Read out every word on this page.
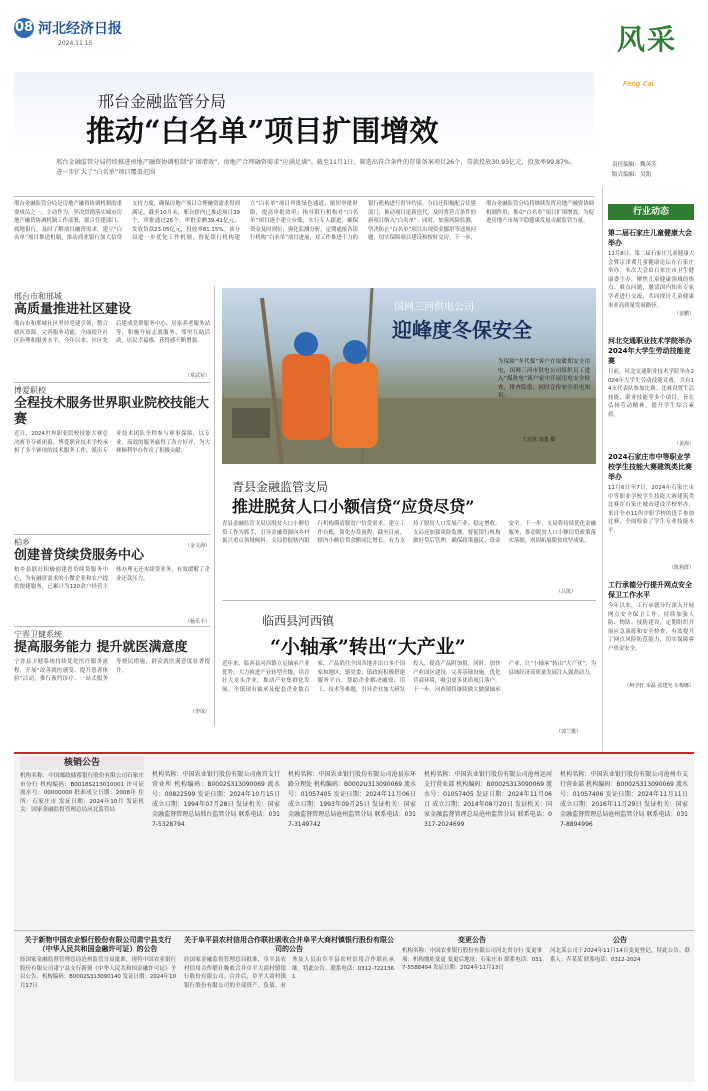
08 河北经济日报
2024.11.15	风采
Feng Cai
责任编辑：魏英芳
版式编辑：吴凯
邢台金融监管分局
推动“白名单”项目扩围增效
邢台金融监管分局持续推进房地产融资协调机制“扩围增效”，房地产合理融资需求“应满足满”。截至11月1日，筛选出符合条件的存量备案项目26个，贷款投放30.93亿元，投放率99.87%，进一步扩大了“白名单”项目覆盖范围
邢台金融监管分局是房地产融资协调机制的重要成员之一，主动作为，坚决贯彻落实城市房地产融资协调机制工作部署，联合住建部门、属地银行，及时了解项目融资需求，建立“白名单”项目推送机制，推动商业银行加大信贷支持力度，确保房地产项目合理融资需求得到满足。截至10月末，邢台辖内已推送项目39个，审批通过26个，审批金额39.41亿元，发放贷款23.05亿元，投放率81.15%。该分局进一步优化工作机制，督促银行机构建立“白名单”项目审批绿色通道，缩短审批时限，提高审批效率；指导银行机构对“白名单”项目逐个建立台账，实行专人跟进，确保资金及时到位；强化监测分析，定期通报各银行机构“白名单”项目进展，对工作推进不力的银行机构进行督导约谈。分局还积极配合住建部门，推动项目更新迭代，及时将符合条件的新项目纳入“白名单”。同时，加强风险监测，坚决防止“白名单”项目出现资金挪用等违规问题，切实保障项目建设和按时交房。下一步，邢台金融监管分局将继续发挥房地产融资协调机制作用，推动“白名单”项目扩围增效，为促进房地产市场平稳健康发展贡献监管力量。
行业动态
第二届石家庄儿童健康大会举办
11月8日，第二届石家庄儿童健康大会暨京津冀儿童健康论坛在石家庄举办。本次大会由石家庄市卫生健康委主办，聚焦儿童健康领域的热点、难点问题，邀请国内知名专家学者进行交流，共同探讨儿童健康事业高质量发展路径。
（姜鹏）
河北交通职业技术学院举办2024年大学生劳动技能竞赛
日前，河北交通职业技术学院举办2024年大学生劳动技能竞赛，共有14支代表队参加比赛。比赛设置生活技能、职业技能等多个项目，旨在弘扬劳动精神，提升学生综合素质。
（姜海）
2024石家庄市中等职业学校学生技能大赛建筑类比赛举办
11月6日至7日，2024年石家庄市中等职业学校学生技能大赛建筑类比赛在石家庄城市建设学校举办。来自全市11所中职学校的选手参加比赛，全面检验了学生专业技能水平。
（陈利群）
工行承德分行提升网点安全保卫工作水平
今年以来，工行承德分行深入开展网点安全保卫工作，持续加强人防、物防、技防建设，定期组织开展应急演练和安全检查，有效提升了网点风险防范能力，切实保障客户资金安全。
（柯学轩 朱磊 张建光 车梅娜）
邢台市和邢城
高质量推进社区建设
邢台市和邢城社区坚持党建引领，整合辖区资源，完善服务功能，全面提升社区治理和服务水平。今年以来，社区先后建成党群服务中心、居家养老服务站等，积极开展志愿服务、邻里互助活动，居民幸福感、获得感不断增强。
（常武军）
博爱职校
全程技术服务世界职业院校技能大赛
近日，2024世界职业院校技能大赛总决赛争夺赛闭幕。博爱职业技术学校承担了多个赛项的技术服务工作，派出专业技术团队全程参与赛事保障，以专业、高效的服务赢得了各方好评，为大赛顺利举办作出了积极贡献。
（金文海）
柏乡
创建普贷续贷服务中心
柏乡县联社积极创建普贷续贷服务中心，为有融资需求的小微企业和农户提供便捷服务，已累计为120余户经营主体办理无还本续贷业务，有效缓解了企业还款压力。
（杨乐平）
宁晋卫健系统
提高服务能力 提升就医满意度
宁晋县卫健系统持续优化医疗服务流程，开展“改善就医感受、提升患者体验”活动，推行预约诊疗、一站式服务等便民措施，群众就医满意度显著提升。
（李成）
国网三河供电公司
迎峰度冬保安全
为保障“冬代煤”客户在取暖期安全用电，国网三河市供电公司组织员工进入“煤改电”客户家中开展用电安全检查，排查隐患，同时宣传安全用电知识。
王启龙 刘勇 摄
青县金融监管支局
推进脱贫人口小额信贷“应贷尽贷”
青县金融监管支局以脱贫人口小额信贷工作为抓手，引导金融资源向乡村振兴重点领域倾斜。支局督促辖内银行机构摸清脱贫户信贷需求，建立工作台账，简化办贷流程，截至目前，辖内小额信贷余额同比增长，有力支持了脱贫人口发展产业、稳定增收。支局还加强风险监测，督促银行机构做好贷后管理，确保政策惠民、资金安全。下一步，支局将持续优化金融服务，推动脱贫人口小额信贷政策落实落细，巩固拓展脱贫攻坚成果。
（吕凯）
临西县河西镇
“小轴承”转出“大产业”
近年来，临西县河西镇立足轴承产业优势，大力推进产业转型升级，培育壮大龙头企业，推动产业集群化发展。全镇现有轴承及配套企业数百家，产品销往全国各地并出口多个国家和地区。镇党委、镇政府积极搭建服务平台，帮助企业解决融资、用工、技术等难题，引导企业加大研发投入，提高产品附加值。同时，加快产业园区建设，完善基础设施，优化营商环境，吸引更多优质项目落户。下一步，河西镇将继续做大做强轴承产业，让“小轴承”转出“大产业”，为县域经济高质量发展注入强劲动力。
（郭兰歌）
核销公告
机构名称：中国邮政储蓄银行股份有限公司石家庄市分行 机构编码：B0018S213010001 许可证流水号：00000000 批准成立日期：2008年 住所：石家庄市 发证日期：2024年10月 发证机关：国家金融监督管理总局河北监管局
机构名称：中国农业银行股份有限公司南宫支行营业所 机构编码：B0002S313090069 流水号：00822599 发证日期：2024年10月15日 成立日期：1994年07月28日 发证机关：国家金融监督管理总局邢台监管分局 联系电话：0317-5328794
机构名称：中国农业银行股份有限公司沧县东环路分理处 机构编码：B0002U313090069 流水号：01057405 发证日期：2024年11月06日 成立日期：1993年09月25日 发证机关：国家金融监督管理总局沧州监管分局 联系电话：0317-3149742
机构名称：中国农业银行股份有限公司沧州运河支行营业部 机构编码：B0002S313090069 流水号：01057405 发证日期：2024年11月06日 成立日期：2014年08月20日 发证机关：国家金融监督管理总局沧州监管分局 联系电话：0317-2024699
机构名称：中国农业银行股份有限公司沧州市支行营业部 机构编码：B0002S313090069 流水号：01057406 发证日期：2024年11月11日 成立日期：2016年11月29日 发证机关：国家金融监督管理总局沧州监管分局 联系电话：0317-8894996
关于新物中国农业银行股份有限公司肃宁县支行（中华人民共和国金融许可证）的公告
经国家金融监督管理总局沧州监管分局批准，现将中国农业银行股份有限公司肃宁县支行新领《中华人民共和国金融许可证》予以公告。机构编码：B0002S313090140 发证日期：2024年10月17日
关于阜平县农村信用合作联社吸收合并阜平大商村镇银行股份有限公司的公告
经国家金融监督管理总局批准，阜平县农村信用合作联社吸收合并阜平大商村镇银行股份有限公司。合并后，阜平大商村镇银行股份有限公司的全部资产、负债、业务及人员由阜平县农村信用合作联社承继。特此公告。联系电话：0312-7221361
变更公告
机构名称：中国农业银行股份有限公司河北省分行 变更事项：机构地址变更 变更后地址：石家庄市 联系电话：0317-5588494 发证日期：2024年11月13日
公告
河北某公司于2024年11月14日变更登记，特此公告。联系人：乔某某 联系电话：0312-2024
